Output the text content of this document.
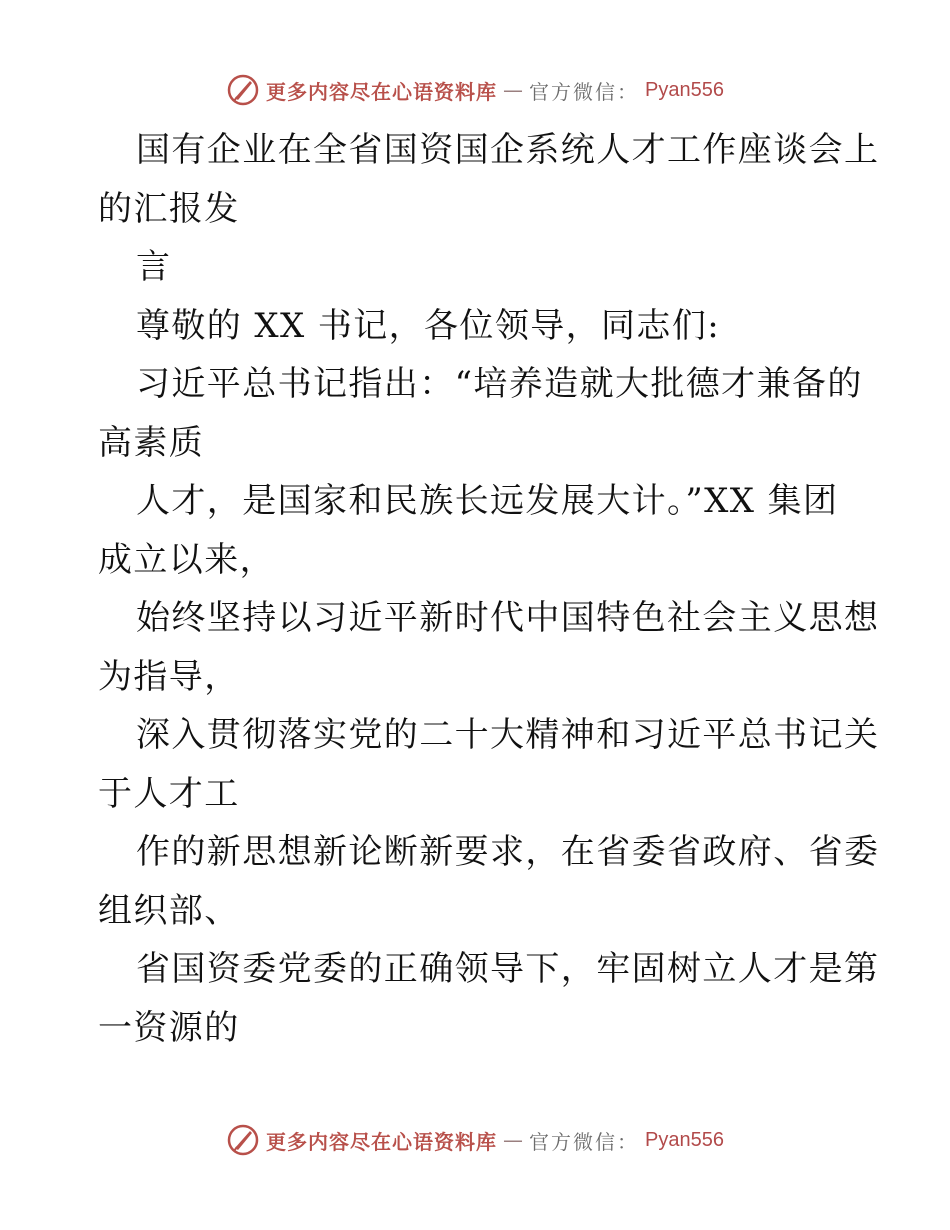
更多内容尽在心语资料库 — 官方微信： Pyan556
国有企业在全省国资国企系统人才工作座谈会上
的汇报发
言
尊敬的 XX 书记，各位领导，同志们:
习近平总书记指出：“培养造就大批德才兼备的
高素质
人才，是国家和民族长远发展大计。”XX 集团
成立以来，
始终坚持以习近平新时代中国特色社会主义思想
为指导，
深入贯彻落实党的二十大精神和习近平总书记关
于人才工
作的新思想新论断新要求，在省委省政府、省委
组织部、
省国资委党委的正确领导下，牢固树立人才是第
一资源的
更多内容尽在心语资料库 — 官方微信： Pyan556
